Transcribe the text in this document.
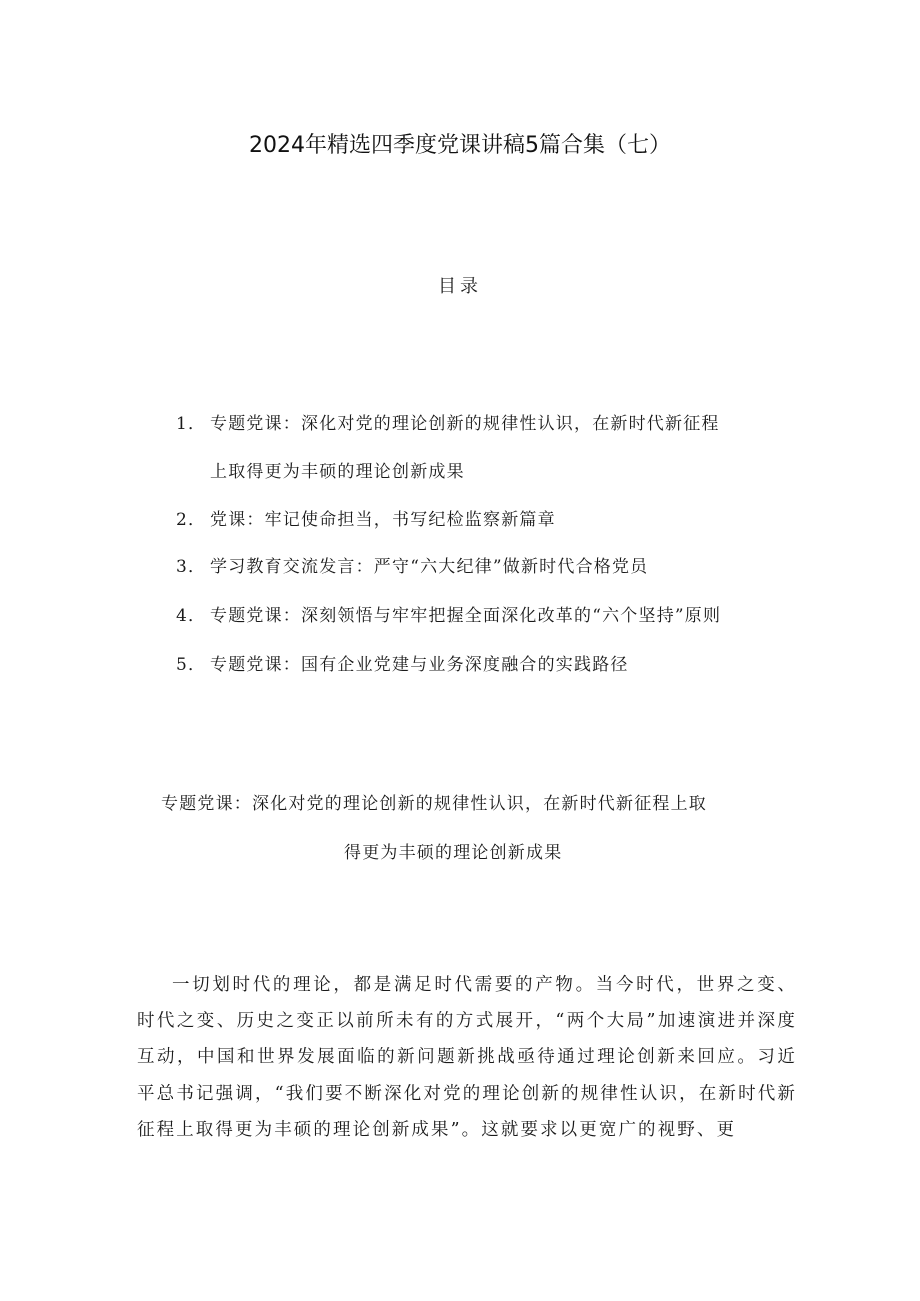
2024年精选四季度党课讲稿5篇合集（七）
目录
1． 专题党课：深化对党的理论创新的规律性认识，在新时代新征程
上取得更为丰硕的理论创新成果
2． 党课：牢记使命担当，书写纪检监察新篇章
3． 学习教育交流发言：严守“六大纪律”做新时代合格党员
4． 专题党课：深刻领悟与牢牢把握全面深化改革的“六个坚持”原则
5． 专题党课：国有企业党建与业务深度融合的实践路径
专题党课：深化对党的理论创新的规律性认识，在新时代新征程上取
得更为丰硕的理论创新成果
一切划时代的理论，都是满足时代需要的产物。当今时代，世界之变、时代之变、历史之变正以前所未有的方式展开，“两个大局”加速演进并深度互动，中国和世界发展面临的新问题新挑战亟待通过理论创新来回应。习近平总书记强调，“我们要不断深化对党的理论创新的规律性认识，在新时代新征程上取得更为丰硕的理论创新成果”。这就要求以更宽广的视野、更
